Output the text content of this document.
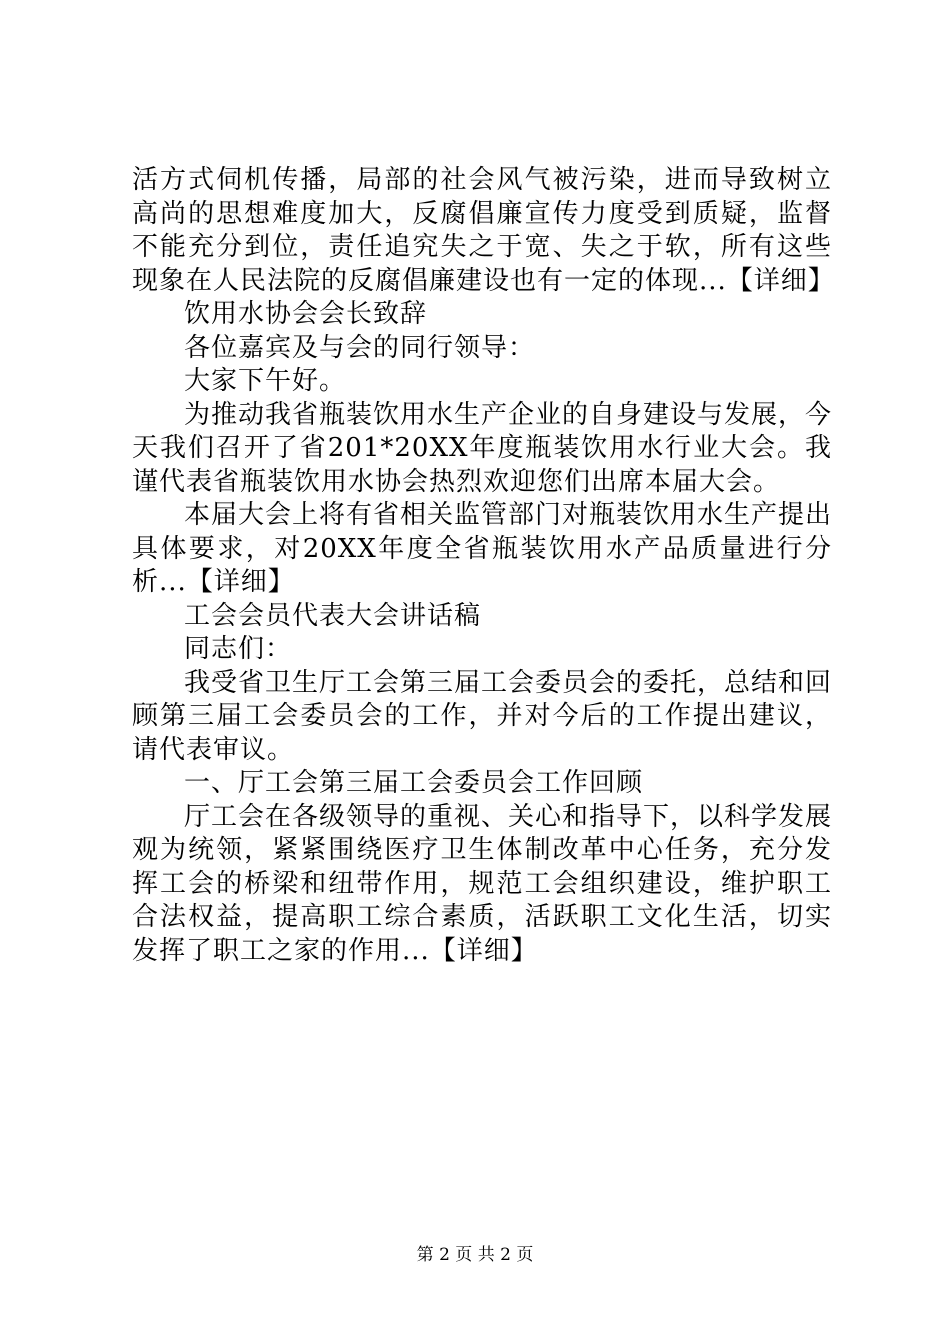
活方式伺机传播，局部的社会风气被污染，进而导致树立高尚的思想难度加大，反腐倡廉宣传力度受到质疑，监督不能充分到位，责任追究失之于宽、失之于软，所有这些现象在人民法院的反腐倡廉建设也有一定的体现...【详细】

饮用水协会会长致辞

各位嘉宾及与会的同行领导：

大家下午好。

为推动我省瓶装饮用水生产企业的自身建设与发展，今天我们召开了省201*20XX年度瓶装饮用水行业大会。我谨代表省瓶装饮用水协会热烈欢迎您们出席本届大会。

本届大会上将有省相关监管部门对瓶装饮用水生产提出具体要求，对20XX年度全省瓶装饮用水产品质量进行分析...【详细】

工会会员代表大会讲话稿

同志们：

我受省卫生厅工会第三届工会委员会的委托，总结和回顾第三届工会委员会的工作，并对今后的工作提出建议，请代表审议。

一、厅工会第三届工会委员会工作回顾

厅工会在各级领导的重视、关心和指导下，以科学发展观为统领，紧紧围绕医疗卫生体制改革中心任务，充分发挥工会的桥梁和纽带作用，规范工会组织建设，维护职工合法权益，提高职工综合素质，活跃职工文化生活，切实发挥了职工之家的作用...【详细】

第 2 页 共 2 页
